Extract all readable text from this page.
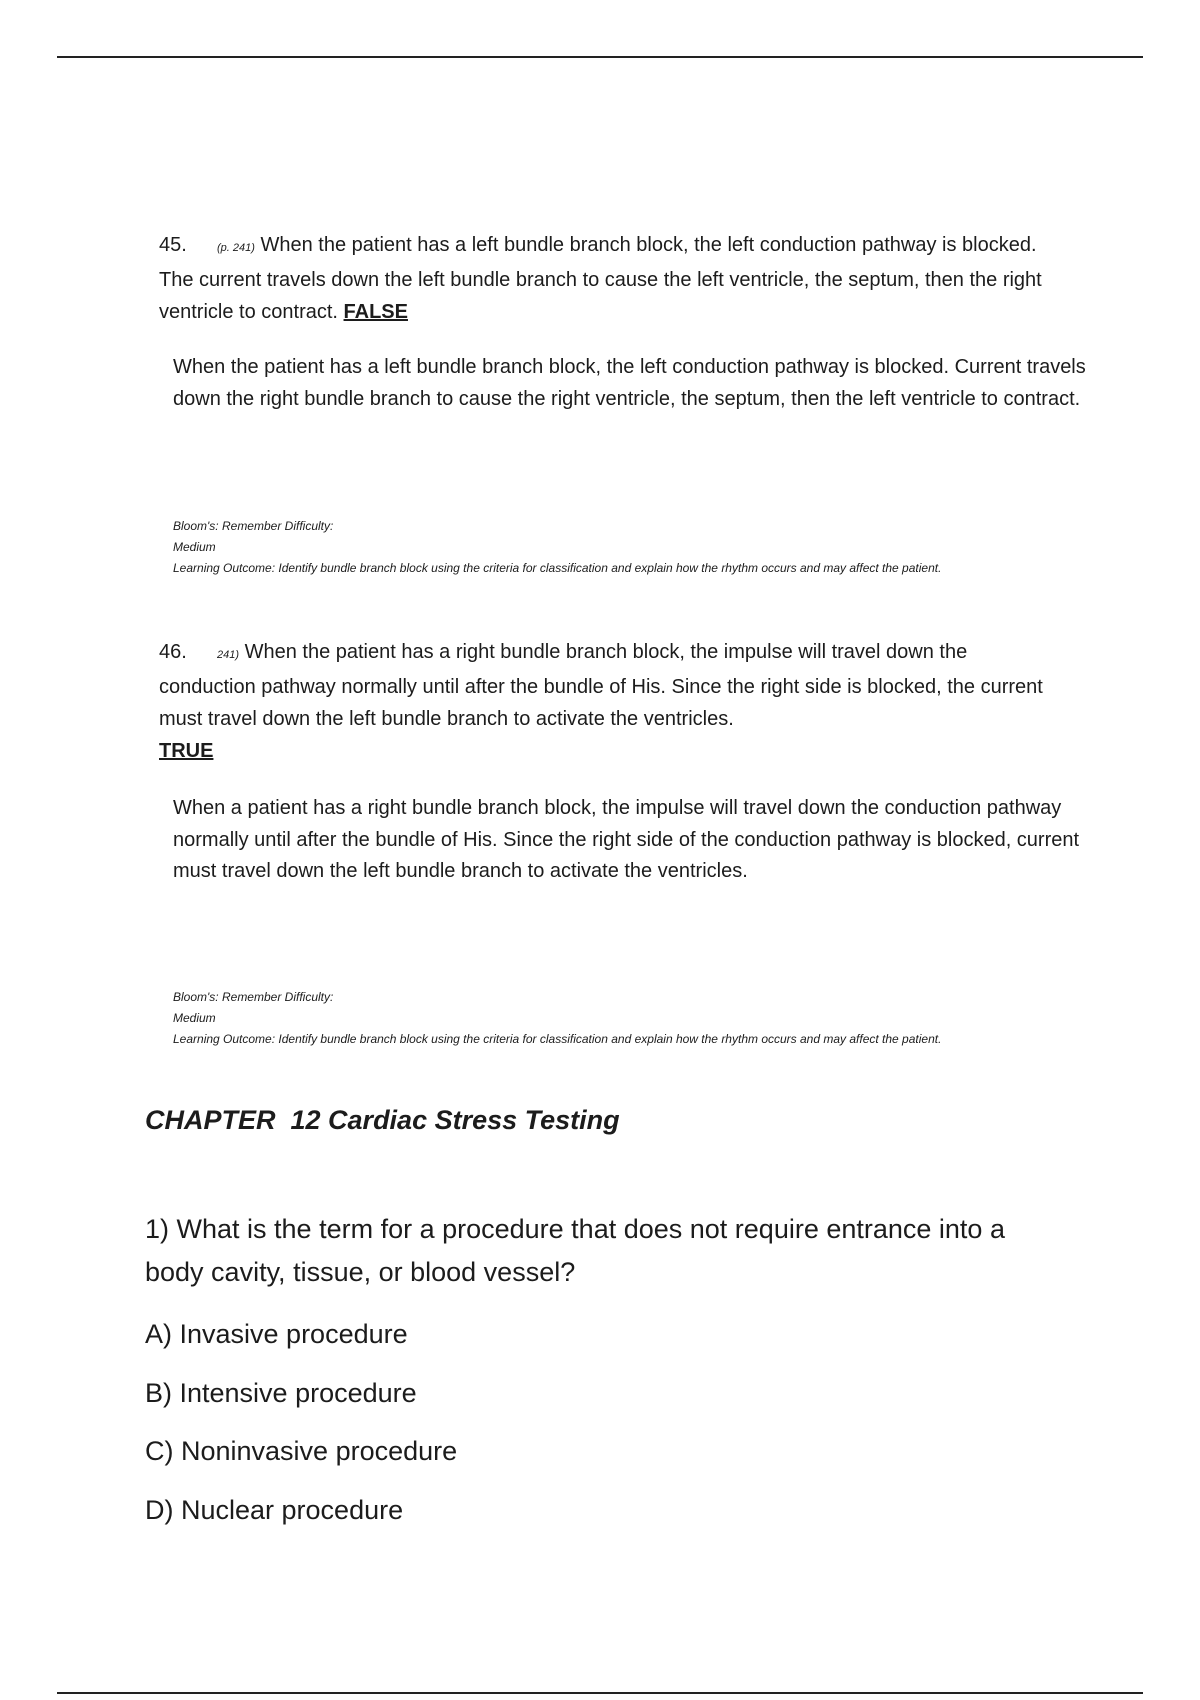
45.	(p. 241) When the patient has a left bundle branch block, the left conduction pathway is blocked. The current travels down the left bundle branch to cause the left ventricle, the septum, then the right ventricle to contract. FALSE
When the patient has a left bundle branch block, the left conduction pathway is blocked. Current travels down the right bundle branch to cause the right ventricle, the septum, then the left ventricle to contract.
Bloom's: Remember Difficulty:
Medium
Learning Outcome: Identify bundle branch block using the criteria for classification and explain how the rhythm occurs and may affect the patient.
46.	241) When the patient has a right bundle branch block, the impulse will travel down the conduction pathway normally until after the bundle of His. Since the right side is blocked, the current must travel down the left bundle branch to activate the ventricles.
TRUE
When a patient has a right bundle branch block, the impulse will travel down the conduction pathway normally until after the bundle of His. Since the right side of the conduction pathway is blocked, current must travel down the left bundle branch to activate the ventricles.
Bloom's: Remember Difficulty:
Medium
Learning Outcome: Identify bundle branch block using the criteria for classification and explain how the rhythm occurs and may affect the patient.
CHAPTER  12 Cardiac Stress Testing
1) What is the term for a procedure that does not require entrance into a body cavity, tissue, or blood vessel?
A) Invasive procedure
B) Intensive procedure
C) Noninvasive procedure
D) Nuclear procedure
